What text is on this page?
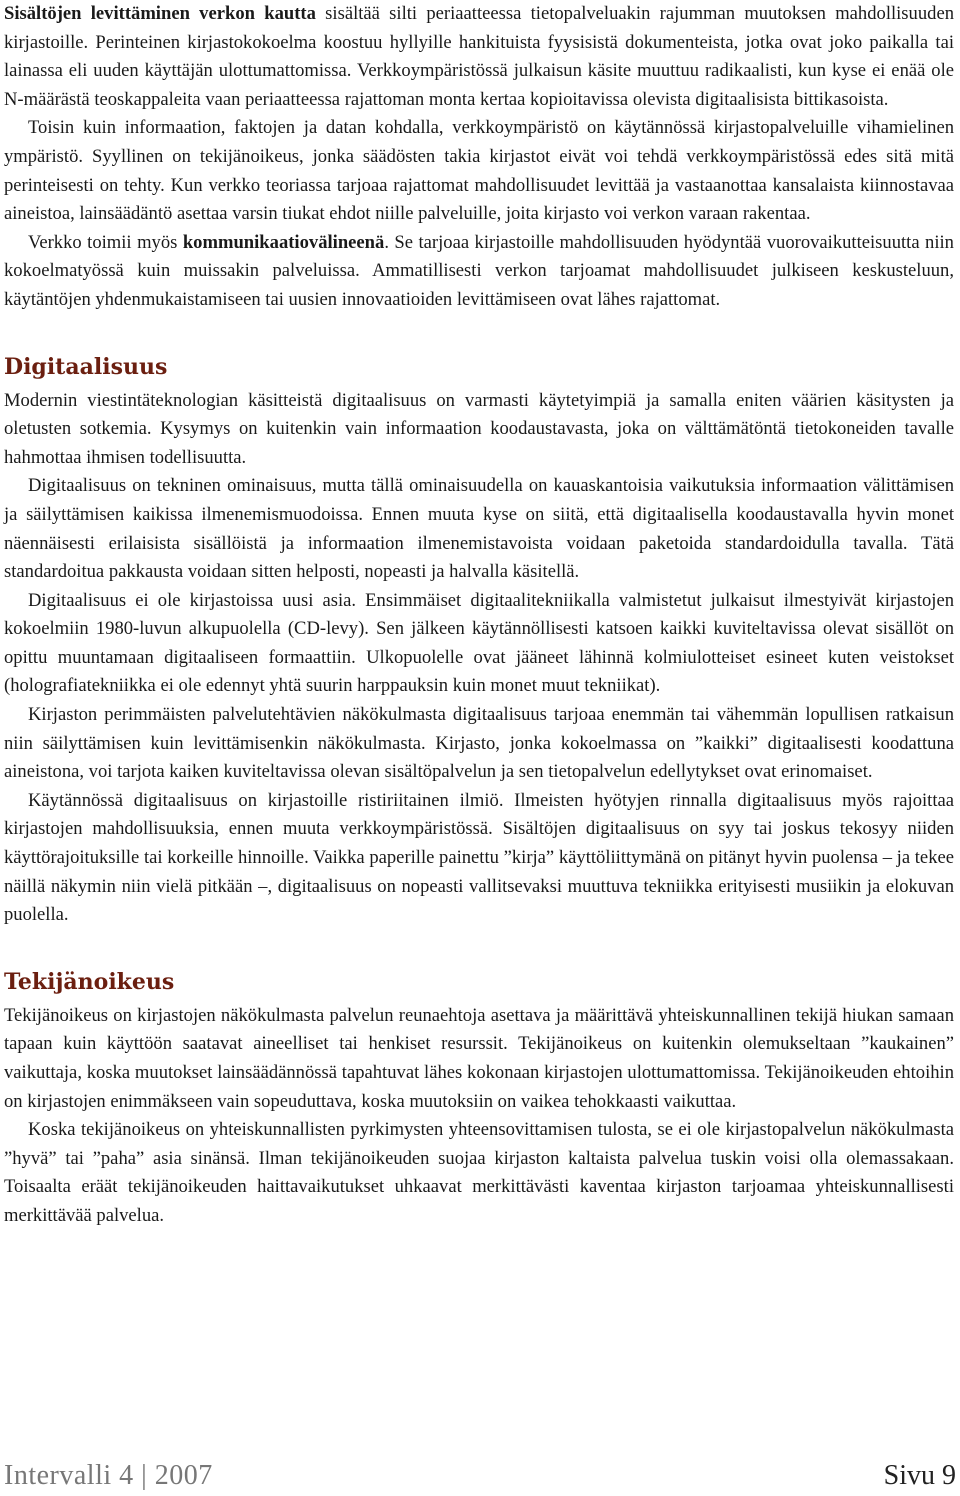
Sisältöjen levittäminen verkon kautta sisältää silti periaatteessa tietopalveluakin rajumman muutoksen mahdollisuuden kirjastoille. Perinteinen kirjastokokoelma koostuu hyllyille hankituista fyysisistä dokumenteista, jotka ovat joko paikalla tai lainassa eli uuden käyttäjän ulottumattomissa. Verkkoympäristössä julkaisun käsite muuttuu radikaalisti, kun kyse ei enää ole N-määrästä teoskappaleita vaan periaatteessa rajattoman monta kertaa kopioitavissa olevista digitaalisista bittikasoista.

Toisin kuin informaation, faktojen ja datan kohdalla, verkkoympäristö on käytännössä kirjastopalveluille vihamielinen ympäristö. Syyllinen on tekijänoikeus, jonka säädösten takia kirjastot eivät voi tehdä verkkoympäristössä edes sitä mitä perinteisesti on tehty. Kun verkko teoriassa tarjoaa rajattomat mahdollisuudet levittää ja vastaanottaa kansalaista kiinnostavaa aineistoa, lainsäädäntö asettaa varsin tiukat ehdot niille palveluille, joita kirjasto voi verkon varaan rakentaa.

Verkko toimii myös kommunikaatiovälineenä. Se tarjoaa kirjastoille mahdollisuuden hyödyntää vuorovaikutteisuutta niin kokoelmatyössä kuin muissakin palveluissa. Ammatillisesti verkon tarjoamat mahdollisuudet julkiseen keskusteluun, käytäntöjen yhdenmukaistamiseen tai uusien innovaatioiden levittämiseen ovat lähes rajattomat.

Digitaalisuus

Modernin viestintäteknologian käsitteistä digitaalisuus on varmasti käytetyimpiä ja samalla eniten väärien käsitysten ja oletusten sotkemia. Kysymys on kuitenkin vain informaation koodaustavasta, joka on välttämätöntä tietokoneiden tavalle hahmottaa ihmisen todellisuutta.

Digitaalisuus on tekninen ominaisuus, mutta tällä ominaisuudella on kauaskantoisia vaikutuksia informaation välittämisen ja säilyttämisen kaikissa ilmenemismuodoissa. Ennen muuta kyse on siitä, että digitaalisella koodaustavalla hyvin monet näennäisesti erilaisista sisällöistä ja informaation ilmenemistavoista voidaan paketoida standardoidulla tavalla. Tätä standardoitua pakkausta voidaan sitten helposti, nopeasti ja halvalla käsitellä.

Digitaalisuus ei ole kirjastoissa uusi asia. Ensimmäiset digitaalitekniikalla valmistetut julkaisut ilmestyivät kirjastojen kokoelmiin 1980-luvun alkupuolella (CD-levy). Sen jälkeen käytännöllisesti katsoen kaikki kuviteltavissa olevat sisällöt on opittu muuntamaan digitaaliseen formaattiin. Ulkopuolelle ovat jääneet lähinnä kolmiulotteiset esineet kuten veistokset (holografiatekniikka ei ole edennyt yhtä suurin harppauksin kuin monet muut tekniikat).

Kirjaston perimmäisten palvelutehtävien näkökulmasta digitaalisuus tarjoaa enemmän tai vähemmän lopullisen ratkaisun niin säilyttämisen kuin levittämisenkin näkökulmasta. Kirjasto, jonka kokoelmassa on ”kaikki” digitaalisesti koodattuna aineistona, voi tarjota kaiken kuviteltavissa olevan sisältöpalvelun ja sen tietopalvelun edellytykset ovat erinomaiset.

Käytännössä digitaalisuus on kirjastoille ristiriitainen ilmiö. Ilmeisten hyötyjen rinnalla digitaalisuus myös rajoittaa kirjastojen mahdollisuuksia, ennen muuta verkkoympäristössä. Sisältöjen digitaalisuus on syy tai joskus tekosyy niiden käyttörajoituksille tai korkeille hinnoille. Vaikka paperille painettu ”kirja” käyttöliittymänä on pitänyt hyvin puolensa – ja tekee näillä näkymin niin vielä pitkään –, digitaalisuus on nopeasti vallitsevaksi muuttuva tekniikka erityisesti musiikin ja elokuvan puolella.

Tekijänoikeus

Tekijänoikeus on kirjastojen näkökulmasta palvelun reunaehtoja asettava ja määrittävä yhteiskunnallinen tekijä hiukan samaan tapaan kuin käyttöön saatavat aineelliset tai henkiset resurssit. Tekijänoikeus on kuitenkin olemukseltaan ”kaukainen” vaikuttaja, koska muutokset lainsäädännössä tapahtuvat lähes kokonaan kirjastojen ulottumattomissa. Tekijänoikeuden ehtoihin on kirjastojen enimmäkseen vain sopeuduttava, koska muutoksiin on vaikea tehokkaasti vaikuttaa.

Koska tekijänoikeus on yhteiskunnallisten pyrkimysten yhteensovittamisen tulosta, se ei ole kirjastopalvelun näkökulmasta ”hyvä” tai ”paha” asia sinänsä. Ilman tekijänoikeuden suojaa kirjaston kaltaista palvelua tuskin voisi olla olemassakaan. Toisaalta eräät tekijänoikeuden haittavaikutukset uhkaavat merkittävästi kaventaa kirjaston tarjoamaa yhteiskunnallisesti merkittävää palvelua.

Intervalli 4 | 2007	Sivu 9
